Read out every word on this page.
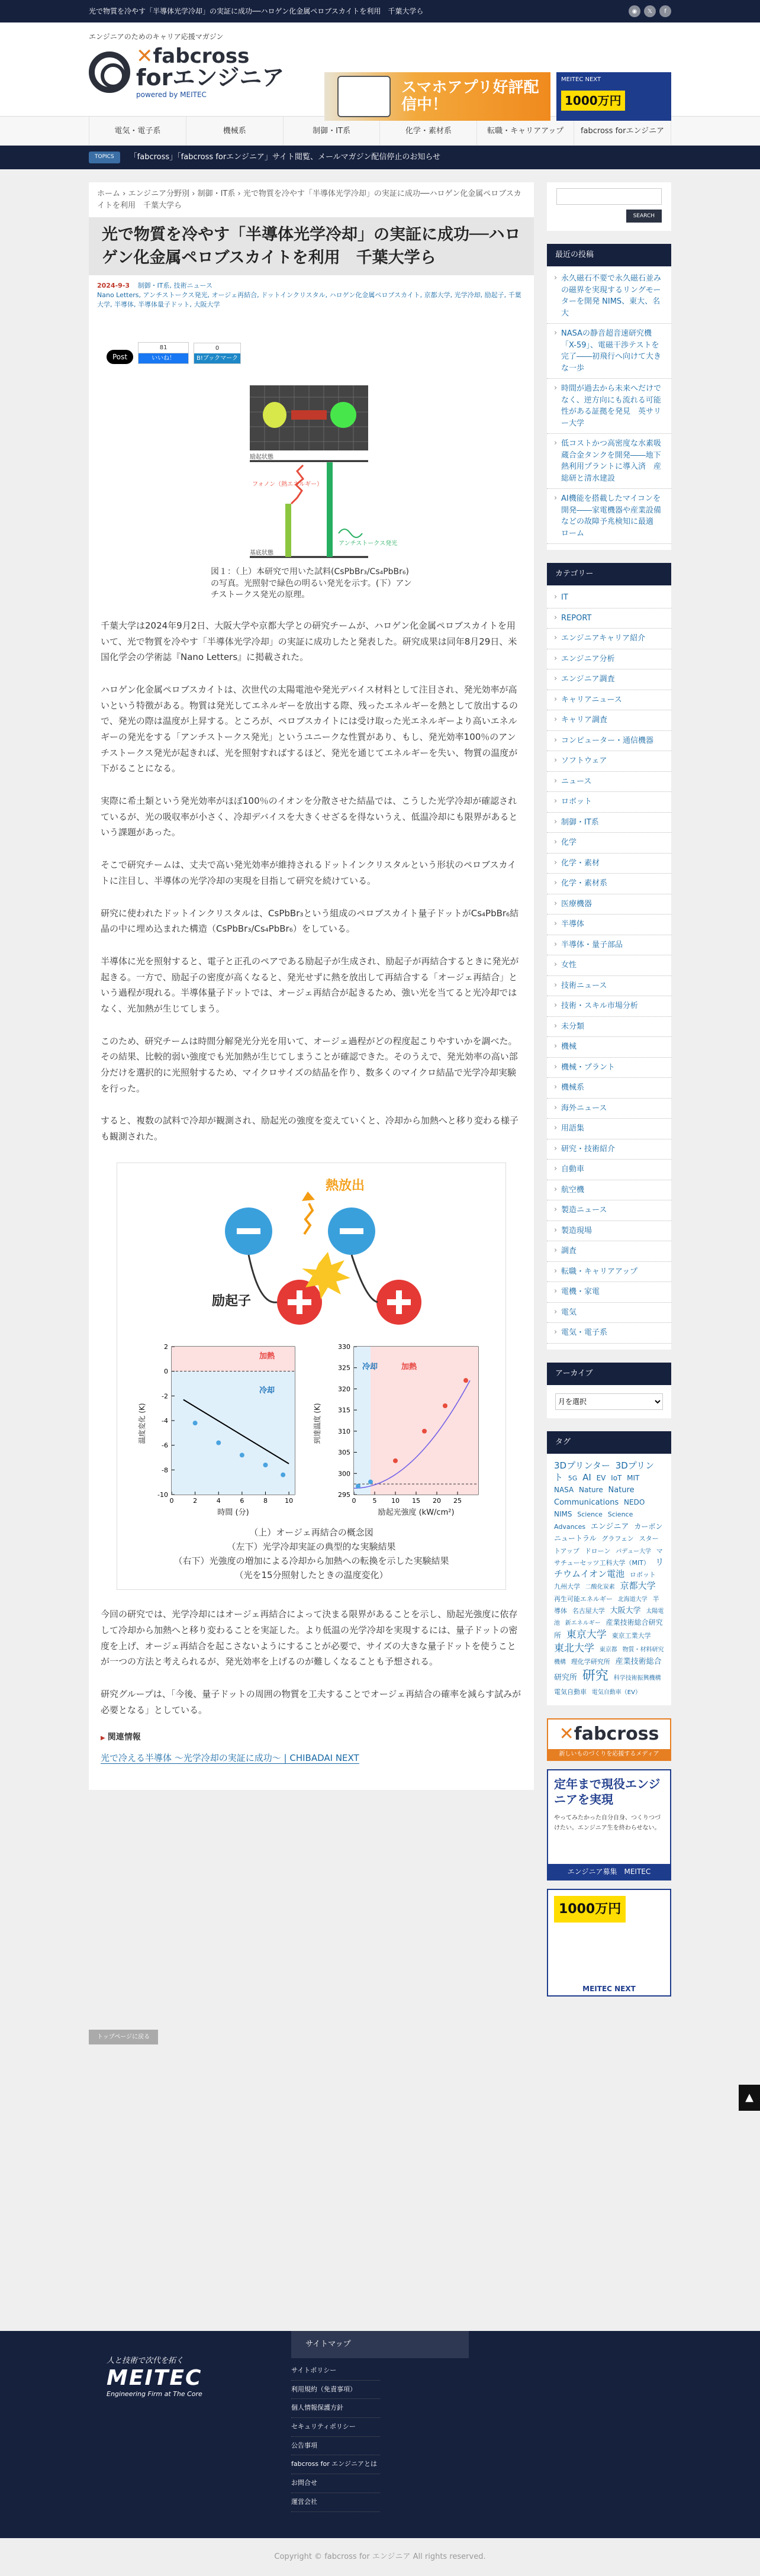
光で物質を冷やす「半導体光学冷却」の実証に成功──ハロゲン化金属ペロブスカイトを利用　千葉大学ら	◉	𝕏	f
エンジニアのためのキャリア応援マガジン
✕fabcross
forエンジニア
powered by MEITEC	スマホアプリ好評配信中！
MEITEC NEXT
1000万円
電気・電子系	機械系	制御・IT系	化学・素材系	転職・キャリアアップ	fabcross forエンジニア
TOPICS	「fabcross」「fabcross forエンジニア」サイト閲覧、メールマガジン配信停止のお知らせ
ホーム › エンジニア分野別 › 制御・IT系 › 光で物質を冷やす「半導体光学冷却」の実証に成功──ハロゲン化金属ペロブスカイトを利用　千葉大学ら
光で物質を冷やす「半導体光学冷却」の実証に成功──ハロゲン化金属ペロブスカイトを利用　千葉大学ら
2024-9-3 制御・IT系, 技術ニュース
Nano Letters, アンチストークス発光, オージェ再結合, ドットインクリスタル, ハロゲン化金属ペロブスカイト, 京都大学, 光学冷却, 励起子, 千葉大学, 半導体, 半導体量子ドット, 大阪大学
Post
81
いいね！
0
B!ブックマーク
励起状態
基底状態
フォノン（熱エネルギー）
アンチストークス発光
図１：（上）本研究で用いた試料(CsPbBr₃/Cs₄PbBr₆)の写真。光照射で緑色の明るい発光を示す。(下）アンチストークス発光の原理。

千葉大学は2024年9月2日、大阪大学や京都大学との研究チームが、ハロゲン化金属ペロブスカイトを用いて、光で物質を冷やす「半導体光学冷却」の実証に成功したと発表した。研究成果は同年8月29日、米国化学会の学術誌『Nano Letters』に掲載された。

ハロゲン化金属ペロブスカイトは、次世代の太陽電池や発光デバイス材料として注目され、発光効率が高いという特徴がある。物質は発光してエネルギーを放出する際、残ったエネルギーを熱として放出するので、発光の際は温度が上昇する。ところが、ペロブスカイトには受け取った光エネルギーより高いエネルギーの発光をする「アンチストークス発光」というユニークな性質があり、もし、発光効率100％のアンチストークス発光が起きれば、光を照射すればするほど、発光を通じてエネルギーを失い、物質の温度が下がることになる。

実際に希土類という発光効率がほぼ100％のイオンを分散させた結晶では、こうした光学冷却が確認されているが、光の吸収率が小さく、冷却デバイスを大きくせざるを得ないうえ、低温冷却にも限界があるという課題があった。

そこで研究チームは、丈夫で高い発光効率が維持されるドットインクリスタルという形状のペロブスカイトに注目し、半導体の光学冷却の実現を目指して研究を続けている。

研究に使われたドットインクリスタルは、CsPbBr₃という組成のペロブスカイト量子ドットがCs₄PbBr₆結晶の中に埋め込まれた構造（CsPbBr₃/Cs₄PbBr₆）をしている。

半導体に光を照射すると、電子と正孔のペアである励起子が生成され、励起子が再結合するときに発光が起きる。一方で、励起子の密度が高くなると、発光せずに熱を放出して再結合する「オージェ再結合」という過程が現れる。半導体量子ドットでは、オージェ再結合が起きるため、強い光を当てると光冷却ではなく、光加熱が生じてしまう。

このため、研究チームは時間分解発光分光を用いて、オージェ過程がどの程度起こりやすいかを調べた。その結果、比較的弱い強度でも光加熱が生じてしまうことが確認できた。そのうえで、発光効率の高い部分だけを選択的に光照射するため、マイクロサイズの結晶を作り、数多くのマイクロ結晶で光学冷却実験を行った。

すると、複数の試料で冷却が観測され、励起光の強度を変えていくと、冷却から加熱へと移り変わる様子も観測された。

熱放出
励起子
加熱
冷却
温度変化 (K)
時間 (分)
0	2	4	6	8	10
-10
-8
-6
-4
-2
0
2
冷却	加熱
到達温度 (K)
励起光強度 (kW/cm²)
0	5 10 15 20 25
295
300
305
310
315
320
325
330
（上）オージェ再結合の概念図
（左下）光学冷却実証の典型的な実験結果
（右下）光強度の増加による冷却から加熱への転換を示した実験結果
（光を15分照射したときの温度変化）

今回の研究では、光学冷却にはオージェ再結合によって決まる限界があることを示し、励起光強度に依存して冷却から加熱へと移り変わることを実証した。より低温の光学冷却を実現するには、量子ドットの密度を上げ、オージェ再結合を起こさないようにすることが必要で、サイズの大きな量子ドットを使うことが一つの方法と考えられるが、発光効率を上げるのが難しくなることも予想される。

研究グループは、「今後、量子ドットの周囲の物質を工夫することでオージェ再結合の確率を減らす試みが必要となる」としている。

▶ 関連情報
光で冷える半導体 〜光学冷却の実証に成功〜 | CHIBADAI NEXT
SEARCH
最近の投稿
› 永久磁石不要で永久磁石並みの磁界を実現するリングモーターを開発 NIMS、東大、名大
› NASAの静音超音速研究機「X-59」、電磁干渉テストを完了――初飛行へ向けて大きな一歩
› 時間が過去から未来へだけでなく、逆方向にも流れる可能性がある証拠を発見　英サリー大学
› 低コストかつ高密度な水素吸蔵合金タンクを開発――地下熱利用プラントに導入済　産総研と清水建設
› AI機能を搭載したマイコンを開発――家電機器や産業設備などの故障予兆検知に最適　ローム
カテゴリー
› IT
› REPORT
› エンジニアキャリア紹介
› エンジニア分析
› エンジニア調査
› キャリアニュース
› キャリア調査
› コンピューター・通信機器
› ソフトウェア
› ニュース
› ロボット
› 制御・IT系
› 化学
› 化学・素材
› 化学・素材系
› 医療機器
› 半導体
› 半導体・量子部品
› 女性
› 技術ニュース
› 技術・スキル市場分析
› 未分類
› 機械
› 機械・プラント
› 機械系
› 海外ニュース
› 用語集
› 研究・技術紹介
› 自動車
› 航空機
› 製造ニュース
› 製造現場
› 調査
› 転職・キャリアアップ
› 電機・家電
› 電気
› 電気・電子系
アーカイブ
月を選択
タグ
3Dプリンター 3Dプリント 5G AI EV IoT MIT NASA Nature Nature Communications NEDO NIMS Science Science Advances エンジニア カーボンニュートラル グラフェン スタートアップ ドローン パデュー大学 マサチューセッツ工科大学（MIT） リチウムイオン電池 ロボット 九州大学 二酸化炭素 京都大学 再生可能エネルギー 北海道大学 半導体 名古屋大学 大阪大学 太陽電池 新エネルギー 産業技術総合研究所 東京大学 東京工業大学 東北大学 東京都 物質・材料研究機構 理化学研究所 産業技術総合研究所 研究 科学技術振興機構 電気自動車 電気自動車（EV）
✕fabcross
新しいものづくりを応援するメディア
定年まで現役エンジニアを実現
やってみたかった自分自身、つくりつづけたい。エンジニア生を終わらせない。
エンジニア募集　MEITEC
1000万円
MEITEC NEXT
トップページに戻る
▲
人と技術で次代を拓く
MEITEC
Engineering Firm at The Core
サイトマップ
サイトポリシー
利用規約（免責事項）
個人情報保護方針
セキュリティポリシー
公告事項
fabcross for エンジニアとは
お問合せ
運営会社
Copyright © fabcross for エンジニア All rights reserved.
